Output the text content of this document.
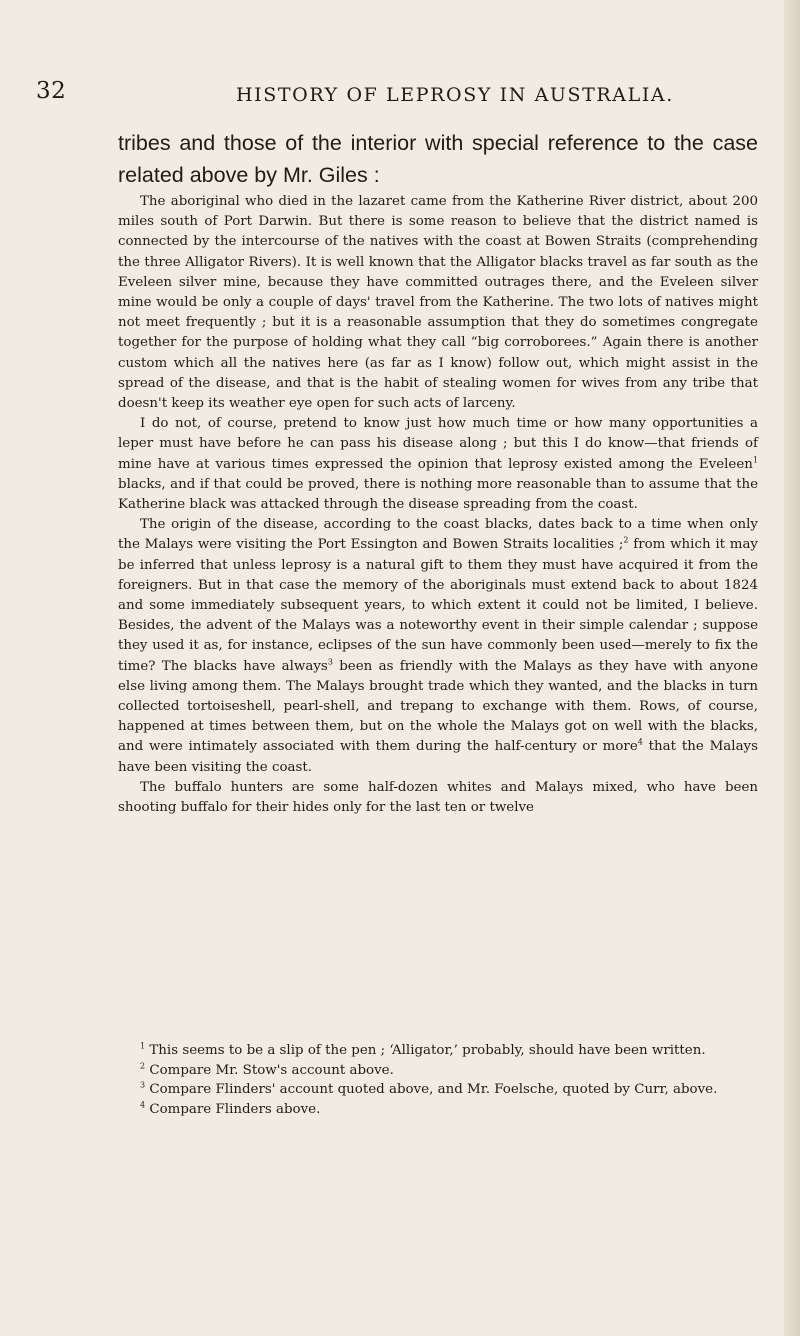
32	HISTORY OF LEPROSY IN AUSTRALIA.

tribes and those of the interior with special reference to the case related above by Mr. Giles :

The aboriginal who died in the lazaret came from the Katherine River district, about 200 miles south of Port Darwin. But there is some reason to believe that the district named is connected by the intercourse of the natives with the coast at Bowen Straits (comprehending the three Alligator Rivers). It is well known that the Alligator blacks travel as far south as the Eveleen silver mine, because they have committed outrages there, and the Eveleen silver mine would be only a couple of days' travel from the Katherine. The two lots of natives might not meet frequently ; but it is a reasonable assumption that they do sometimes congregate together for the purpose of holding what they call “big corroborees.” Again there is another custom which all the natives here (as far as I know) follow out, which might assist in the spread of the disease, and that is the habit of stealing women for wives from any tribe that doesn't keep its weather eye open for such acts of larceny.

I do not, of course, pretend to know just how much time or how many opportunities a leper must have before he can pass his disease along ; but this I do know—that friends of mine have at various times expressed the opinion that leprosy existed among the Eveleen$^1$ blacks, and if that could be proved, there is nothing more reasonable than to assume that the Katherine black was attacked through the disease spreading from the coast.

The origin of the disease, according to the coast blacks, dates back to a time when only the Malays were visiting the Port Essington and Bowen Straits localities ;$^2$ from which it may be inferred that unless leprosy is a natural gift to them they must have acquired it from the foreigners. But in that case the memory of the aboriginals must extend back to about 1824 and some immediately subsequent years, to which extent it could not be limited, I believe. Besides, the advent of the Malays was a noteworthy event in their simple calendar ; suppose they used it as, for instance, eclipses of the sun have commonly been used—merely to fix the time? The blacks have always$^3$ been as friendly with the Malays as they have with anyone else living among them. The Malays brought trade which they wanted, and the blacks in turn collected tortoiseshell, pearl-shell, and trepang to exchange with them. Rows, of course, happened at times between them, but on the whole the Malays got on well with the blacks, and were intimately associated with them during the half-century or more$^4$ that the Malays have been visiting the coast.

The buffalo hunters are some half-dozen whites and Malays mixed, who have been shooting buffalo for their hides only for the last ten or twelve

$^1$ This seems to be a slip of the pen ; ‘Alligator,’ probably, should have been written.

$^2$ Compare Mr. Stow's account above.

$^3$ Compare Flinders' account quoted above, and Mr. Foelsche, quoted by Curr, above.

$^4$ Compare Flinders above.
